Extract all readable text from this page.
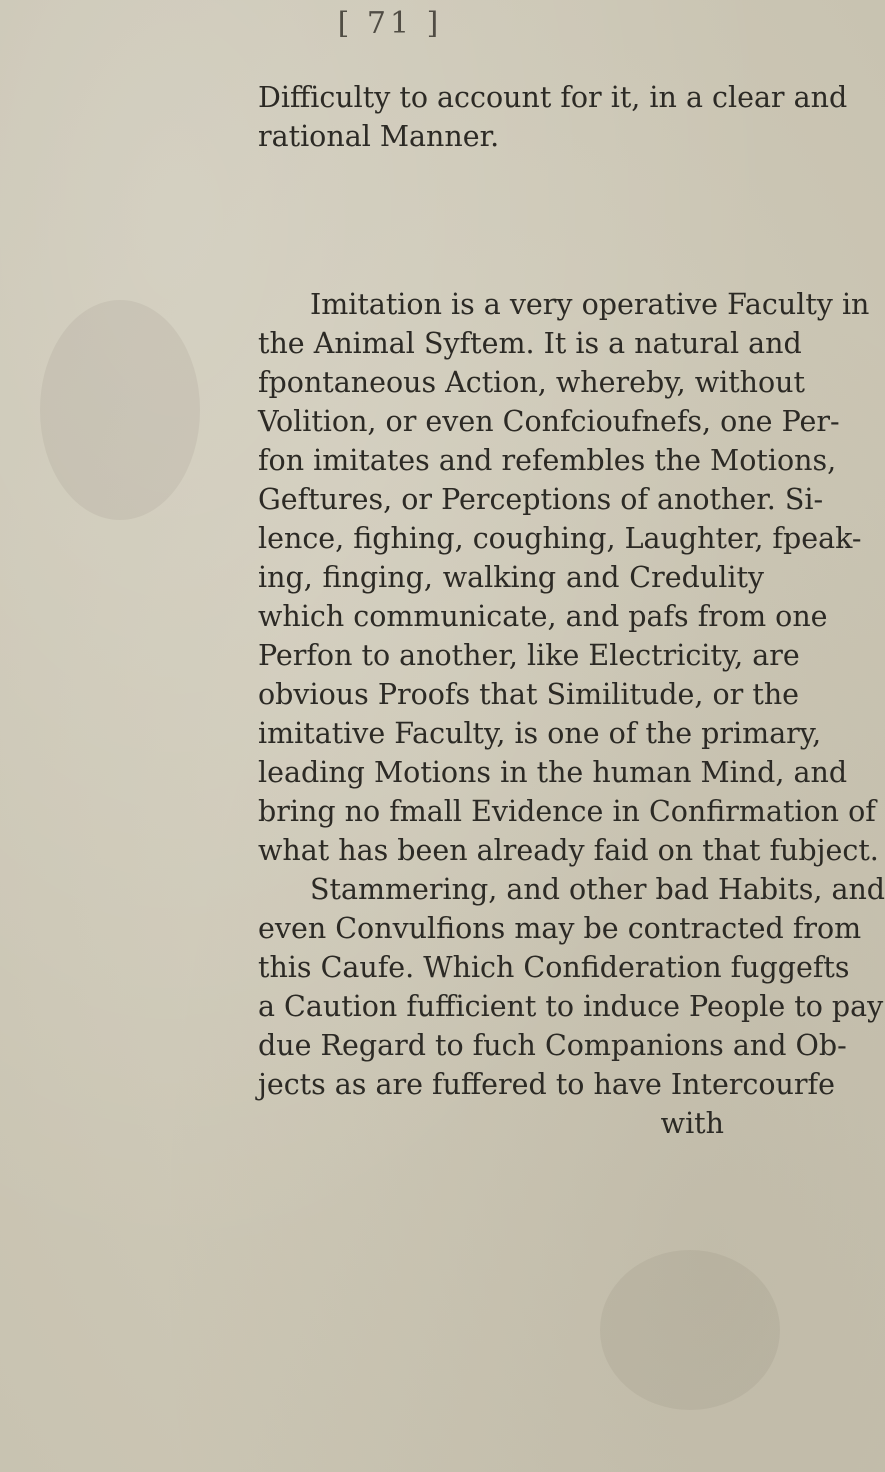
[ 71 ]
Difficulty to account for it, in a clear and
rational Manner.
Imitation is a very operative Faculty in
the Animal Syftem. It is a natural and
fpontaneous Action, whereby, without
Volition, or even Confcioufnefs, one Per-
fon imitates and refembles the Motions,
Geftures, or Perceptions of another. Si-
lence, fighing, coughing, Laughter, fpeak-
ing, finging, walking and Credulity
which communicate, and pafs from one
Perfon to another, like Electricity, are
obvious Proofs that Similitude, or the
imitative Faculty, is one of the primary,
leading Motions in the human Mind, and
bring no fmall Evidence in Confirmation of
what has been already faid on that fubject.
Stammering, and other bad Habits, and
even Convulfions may be contracted from
this Caufe. Which Confideration fuggefts
a Caution fufficient to induce People to pay
due Regard to fuch Companions and Ob-
jects as are fuffered to have Intercourfe
with
